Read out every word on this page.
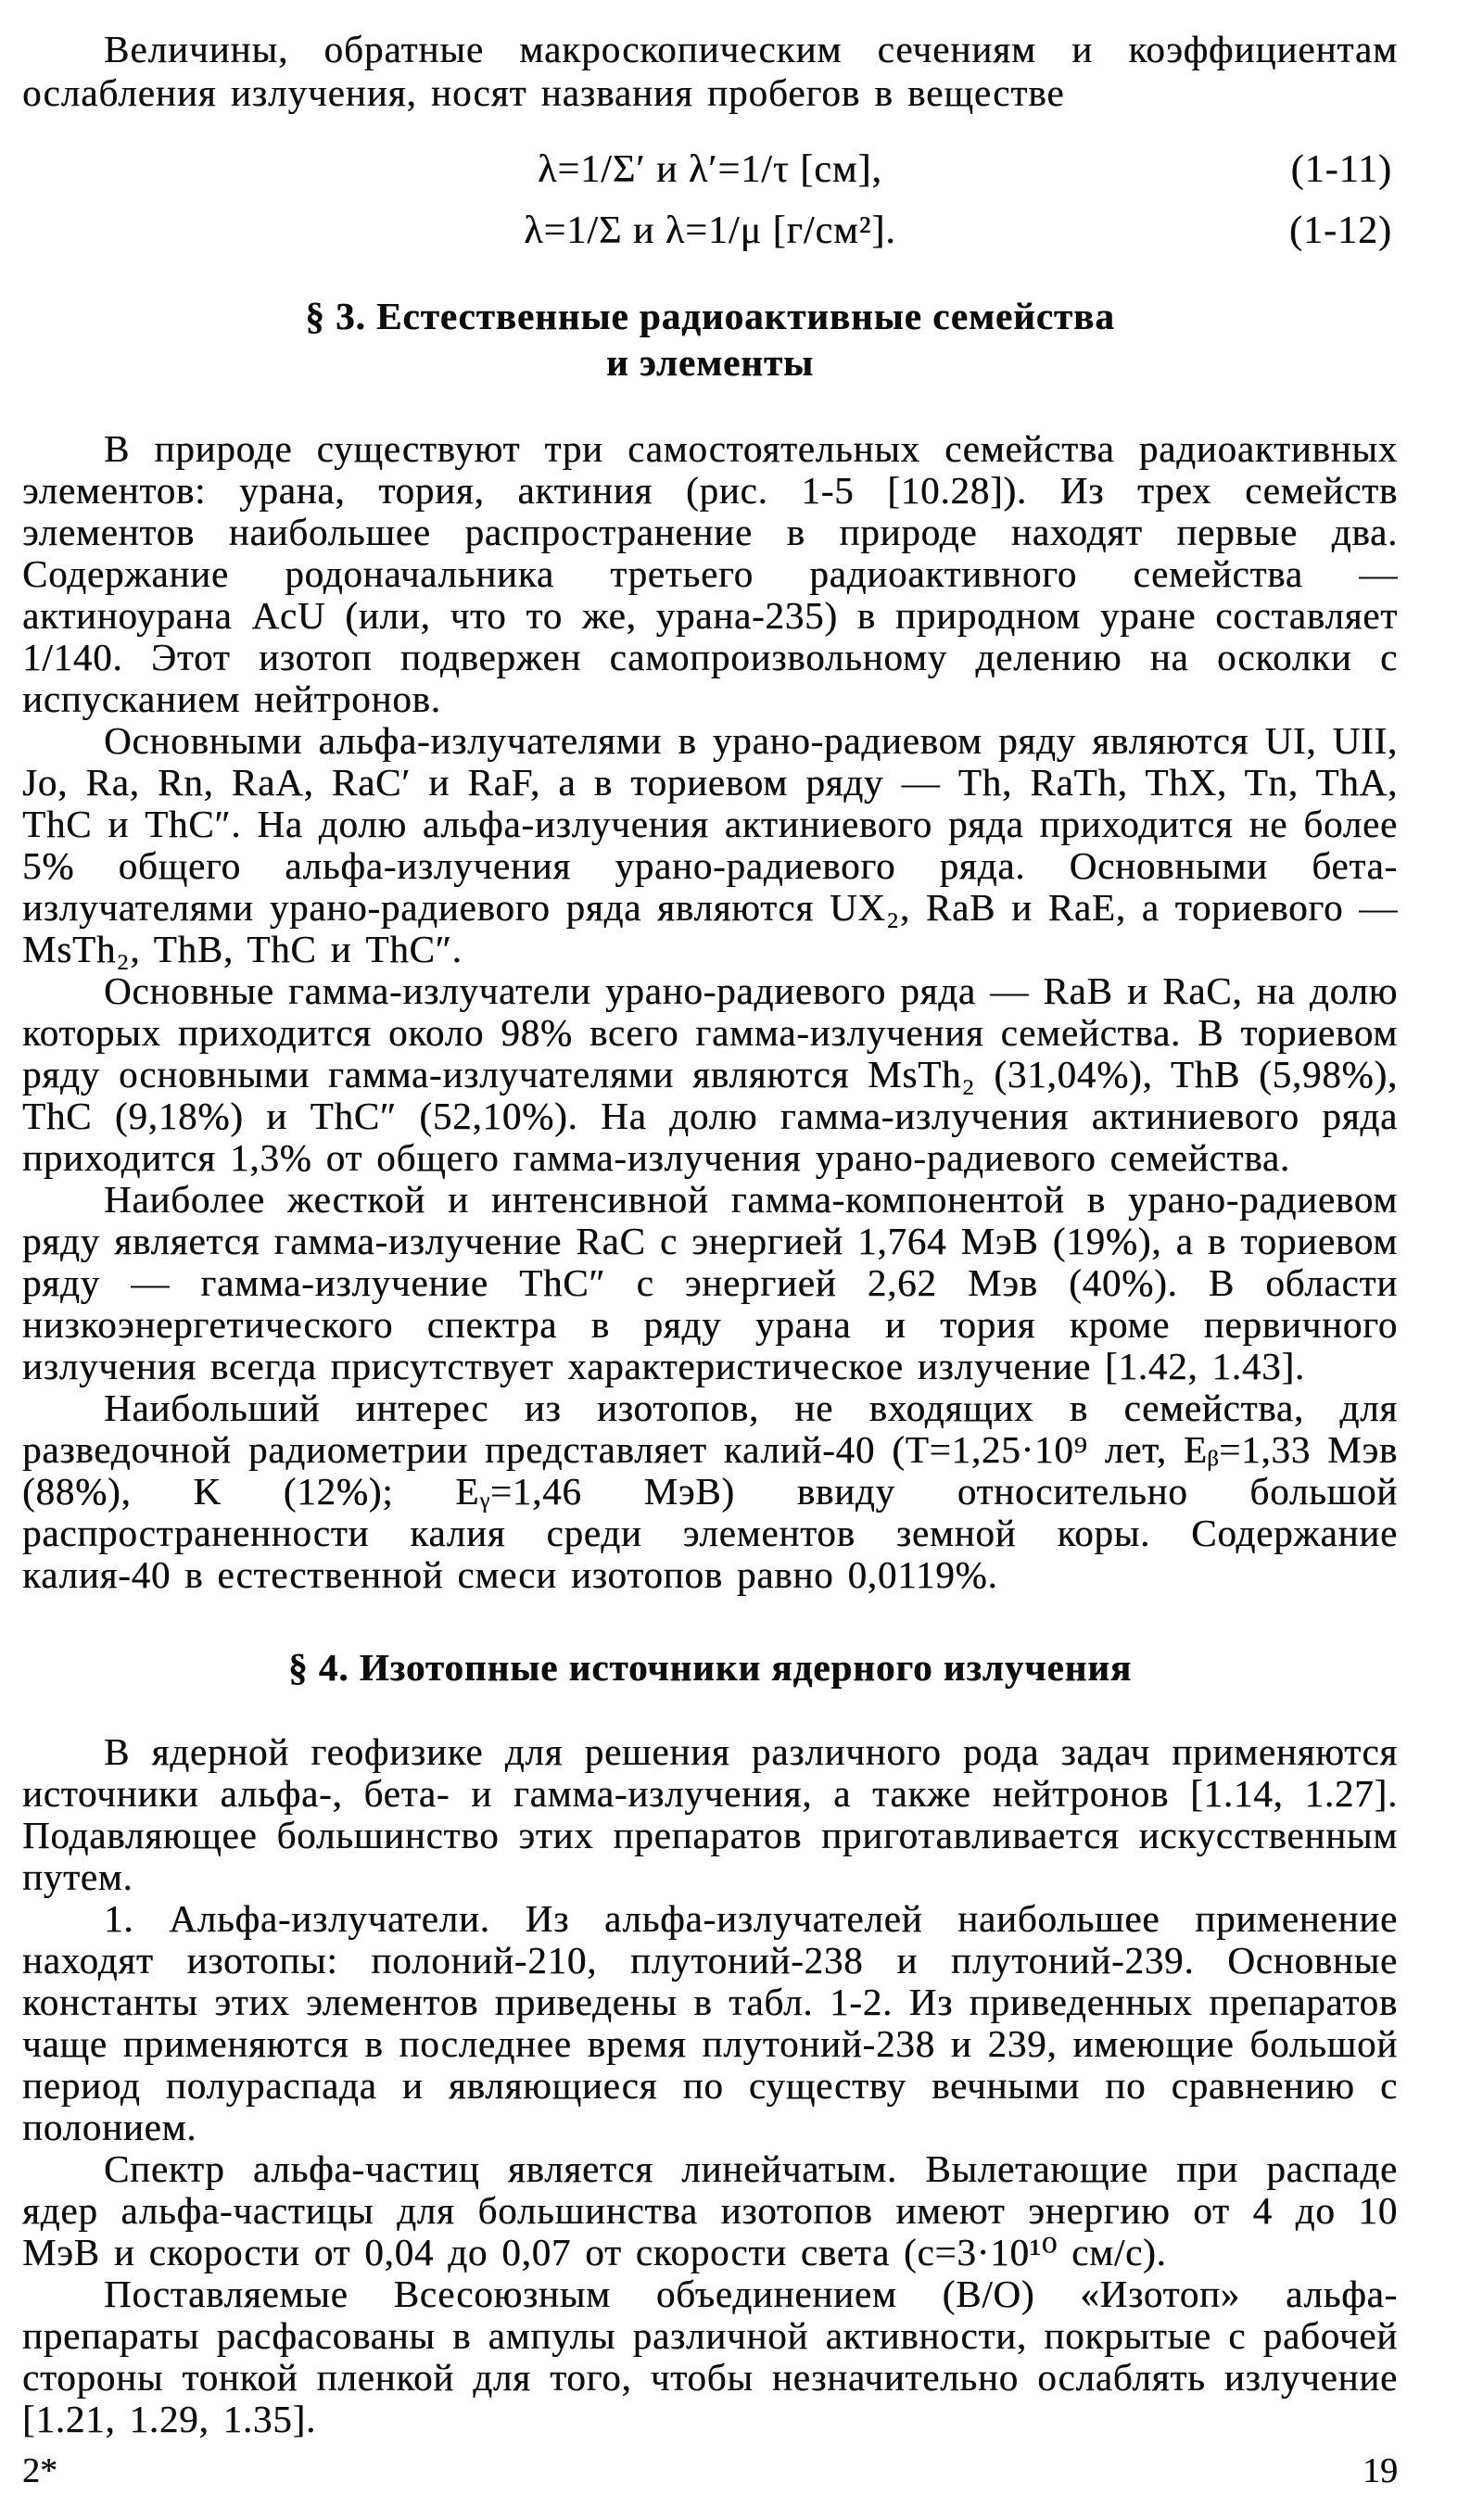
Величины, обратные макроскопическим сечениям и коэффициентам ослабления излучения, носят названия пробегов в веществе

λ=1/Σ′ и λ′=1/τ [см],	(1-11)
λ=1/Σ и λ=1/μ [г/см²].	(1-12)
§ 3. Естественные радиоактивные семейства
и элементы

В природе существуют три самостоятельных семейства радиоактивных элементов: урана, тория, актиния (рис. 1-5 [10.28]). Из трех семейств элементов наибольшее распространение в природе находят первые два. Содержание родоначальника третьего радиоактивного семейства — актиноурана AcU (или, что то же, урана-235) в природном уране составляет 1/140. Этот изотоп подвержен самопроизвольному делению на осколки с испусканием нейтронов.

Основными альфа-излучателями в урано-радиевом ряду являются UI, UII, Jo, Ra, Rn, RaA, RaC′ и RaF, а в ториевом ряду — Th, RaTh, ThX, Tn, ThA, ThC и ThC″. На долю альфа-излучения актиниевого ряда приходится не более 5% общего альфа-излучения урано-радиевого ряда. Основными бета-излучателями урано-радиевого ряда являются UX₂, RaB и RaE, а ториевого — MsTh₂, ThB, ThC и ThC″.

Основные гамма-излучатели урано-радиевого ряда — RaB и RaC, на долю которых приходится около 98% всего гамма-излучения семейства. В ториевом ряду основными гамма-излучателями являются MsTh₂ (31,04%), ThB (5,98%), ThC (9,18%) и ThC″ (52,10%). На долю гамма-излучения актиниевого ряда приходится 1,3% от общего гамма-излучения урано-радиевого семейства.

Наиболее жесткой и интенсивной гамма-компонентой в урано-радиевом ряду является гамма-излучение RaC с энергией 1,764 МэВ (19%), а в ториевом ряду — гамма-излучение ThC″ с энергией 2,62 Мэв (40%). В области низкоэнергетического спектра в ряду урана и тория кроме первичного излучения всегда присутствует характеристическое излучение [1.42, 1.43].

Наибольший интерес из изотопов, не входящих в семейства, для разведочной радиометрии представляет калий-40 (T=1,25·10⁹ лет, Eᵦ=1,33 Мэв (88%), K (12%); Eᵧ=1,46 МэВ) ввиду относительно большой распространенности калия среди элементов земной коры. Содержание калия-40 в естественной смеси изотопов равно 0,0119%.

§ 4. Изотопные источники ядерного излучения

В ядерной геофизике для решения различного рода задач применяются источники альфа-, бета- и гамма-излучения, а также нейтронов [1.14, 1.27]. Подавляющее большинство этих препаратов приготавливается искусственным путем.

1. Альфа-излучатели. Из альфа-излучателей наибольшее применение находят изотопы: полоний-210, плутоний-238 и плутоний-239. Основные константы этих элементов приведены в табл. 1-2. Из приведенных препаратов чаще применяются в последнее время плутоний-238 и 239, имеющие большой период полураспада и являющиеся по существу вечными по сравнению с полонием.

Спектр альфа-частиц является линейчатым. Вылетающие при распаде ядер альфа-частицы для большинства изотопов имеют энергию от 4 до 10 МэВ и скорости от 0,04 до 0,07 от скорости света (c=3·10¹⁰ см/с).

Поставляемые Всесоюзным объединением (В/О) «Изотоп» альфа-препараты расфасованы в ампулы различной активности, покрытые с рабочей стороны тонкой пленкой для того, чтобы незначительно ослаблять излучение [1.21, 1.29, 1.35].

2*	19
